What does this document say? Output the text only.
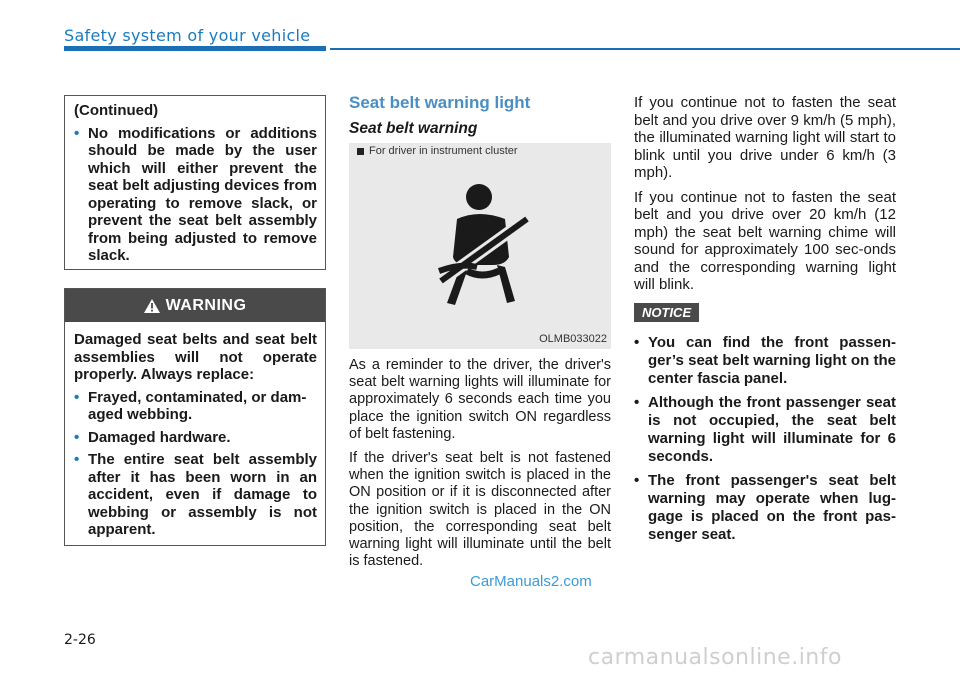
Safety system of your vehicle
(Continued)
• No modifications or additions should be made by the user which will either prevent the seat belt adjusting devices from operating to remove slack, or prevent the seat belt assembly from being adjusted to remove slack.
WARNING
Damaged seat belts and seat belt assemblies will not operate properly. Always replace:
• Frayed, contaminated, or dam-aged webbing.
• Damaged hardware.
• The entire seat belt assembly after it has been worn in an accident, even if damage to webbing or assembly is not apparent.
Seat belt warning light
Seat belt warning
For driver in instrument cluster
OLMB033022

As a reminder to the driver, the driver's seat belt warning lights will illuminate for approximately 6 seconds each time you place the ignition switch ON regardless of belt fastening.

If the driver's seat belt is not fastened when the ignition switch is placed in the ON position or if it is disconnected after the ignition switch is placed in the ON position, the corresponding seat belt warning light will illuminate until the belt is fastened.

If you continue not to fasten the seat belt and you drive over 9 km/h (5 mph), the illuminated warning light will start to blink until you drive under 6 km/h (3 mph).

If you continue not to fasten the seat belt and you drive over 20 km/h (12 mph) the seat belt warning chime will sound for approximately 100 sec-onds and the corresponding warning light will blink.

NOTICE
• You can find the front passen-ger’s seat belt warning light on the center fascia panel.
• Although the front passenger seat is not occupied, the seat belt warning light will illuminate for 6 seconds.
• The front passenger's seat belt warning may operate when lug-gage is placed on the front pas-senger seat.
CarManuals2.com
carmanualsonline.info
2-26
